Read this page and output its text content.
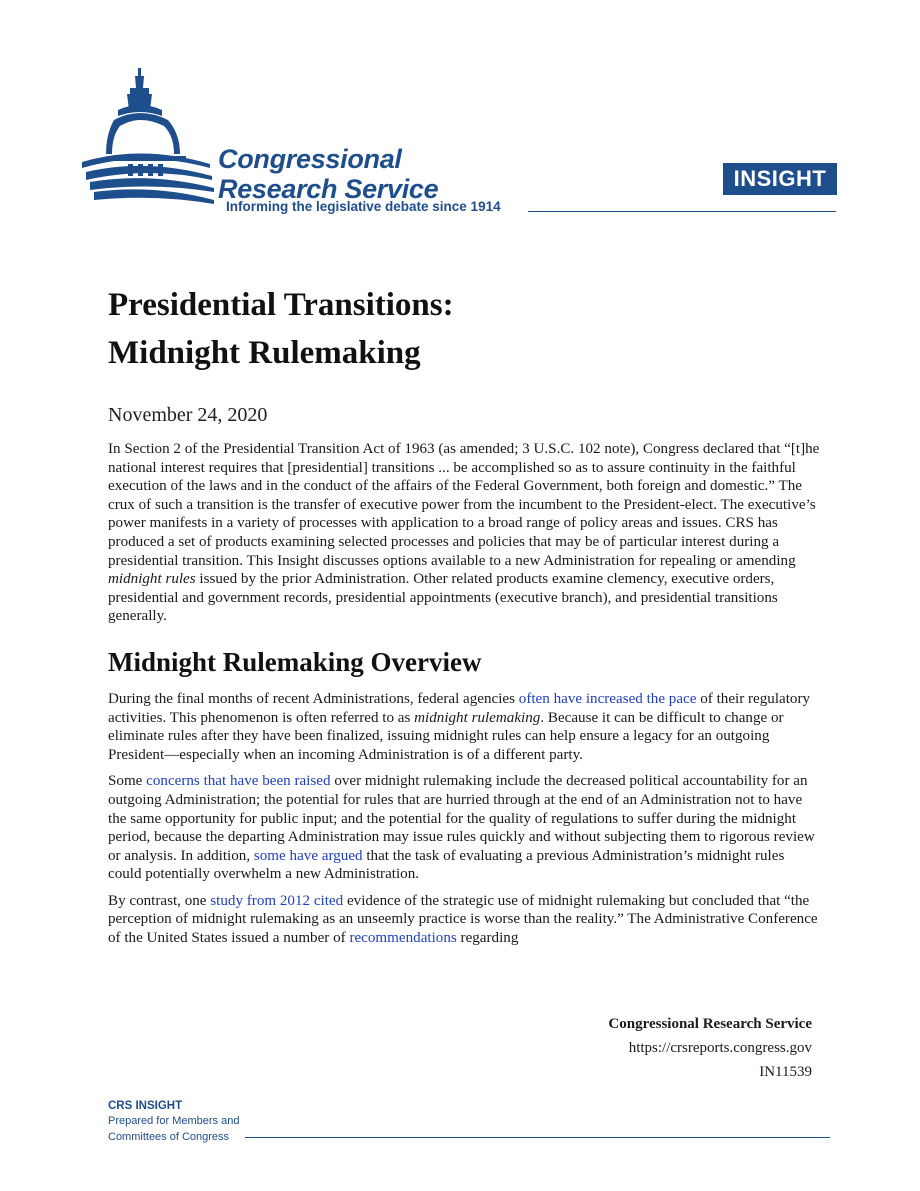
Congressional
Research Service
Informing the legislative debate since 1914
INSIGHT
Presidential Transitions:
Midnight Rulemaking
November 24, 2020

In Section 2 of the Presidential Transition Act of 1963 (as amended; 3 U.S.C. 102 note), Congress declared that “[t]he national interest requires that [presidential] transitions ... be accomplished so as to assure continuity in the faithful execution of the laws and in the conduct of the affairs of the Federal Government, both foreign and domestic.” The crux of such a transition is the transfer of executive power from the incumbent to the President-elect. The executive’s power manifests in a variety of processes with application to a broad range of policy areas and issues. CRS has produced a set of products examining selected processes and policies that may be of particular interest during a presidential transition. This Insight discusses options available to a new Administration for repealing or amending midnight rules issued by the prior Administration. Other related products examine clemency, executive orders, presidential and government records, presidential appointments (executive branch), and presidential transitions generally.

Midnight Rulemaking Overview

During the final months of recent Administrations, federal agencies often have increased the pace of their regulatory activities. This phenomenon is often referred to as midnight rulemaking. Because it can be difficult to change or eliminate rules after they have been finalized, issuing midnight rules can help ensure a legacy for an outgoing President—especially when an incoming Administration is of a different party.

Some concerns that have been raised over midnight rulemaking include the decreased political accountability for an outgoing Administration; the potential for rules that are hurried through at the end of an Administration not to have the same opportunity for public input; and the potential for the quality of regulations to suffer during the midnight period, because the departing Administration may issue rules quickly and without subjecting them to rigorous review or analysis. In addition, some have argued that the task of evaluating a previous Administration’s midnight rules could potentially overwhelm a new Administration.

By contrast, one study from 2012 cited evidence of the strategic use of midnight rulemaking but concluded that “the perception of midnight rulemaking as an unseemly practice is worse than the reality.” The Administrative Conference of the United States issued a number of recommendations regarding

Congressional Research Service
https://crsreports.congress.gov
IN11539
CRS INSIGHT
Prepared for Members and
Committees of Congress
